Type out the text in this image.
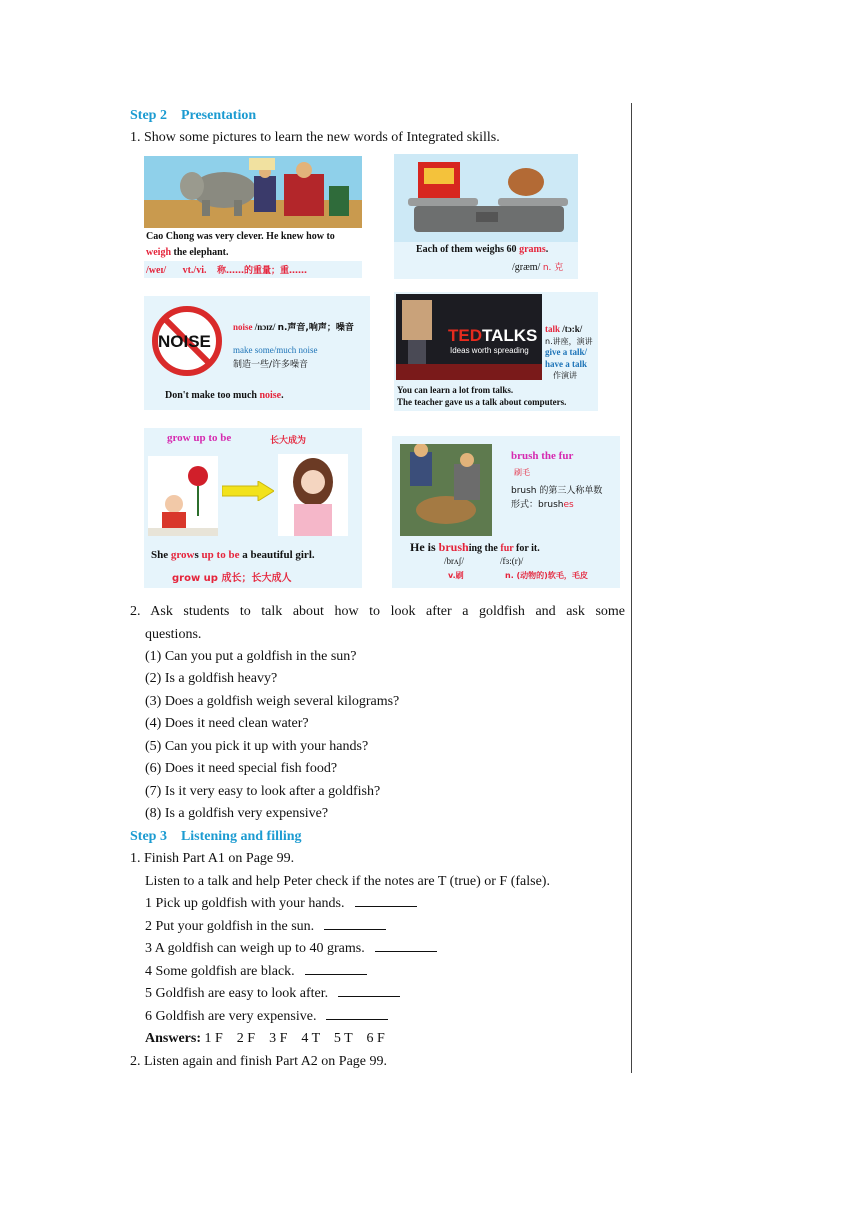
Step 2 Presentation
1. Show some pictures to learn the new words of Integrated skills.
Cao Chong was very clever. He knew how to
weigh the elephant.
/weɪ/ vt./vi. 称……的重量；重……
Each of them weighs 60 grams.
/græm/ n. 克
NOISE
noise /nɔɪz/ n.声音,响声；噪音
make some/much noise
制造一些/许多噪音
Don't make too much noise.
TEDTALKS
Ideas worth spreading
talk /tɔ:k/
n.讲座，演讲
give a talk/
have a talk
作演讲
You can learn a lot from talks.
The teacher gave us a talk about computers.
grow up to be	长大成为
She grows up to be a beautiful girl.
grow up 成长；长大成人
brush the fur
刷毛
brush 的第三人称单数
形式：brushes
He is brushing the fur for it.
/brʌʃ/	/fɜ:(r)/
v.刷	n. (动物的)软毛，毛皮
2. Ask students to talk about how to look after a goldfish and ask some
questions.
(1) Can you put a goldfish in the sun?
(2) Is a goldfish heavy?
(3) Does a goldfish weigh several kilograms?
(4) Does it need clean water?
(5) Can you pick it up with your hands?
(6) Does it need special fish food?
(7) Is it very easy to look after a goldfish?
(8) Is a goldfish very expensive?
Step 3 Listening and filling
1. Finish Part A1 on Page 99.
Listen to a talk and help Peter check if the notes are T (true) or F (false).
1 Pick up goldfish with your hands.
2 Put your goldfish in the sun.
3 A goldfish can weigh up to 40 grams.
4 Some goldfish are black.
5 Goldfish are easy to look after.
6 Goldfish are very expensive.
Answers: 1 F    2 F    3 F    4 T    5 T    6 F
2. Listen again and finish Part A2 on Page 99.
